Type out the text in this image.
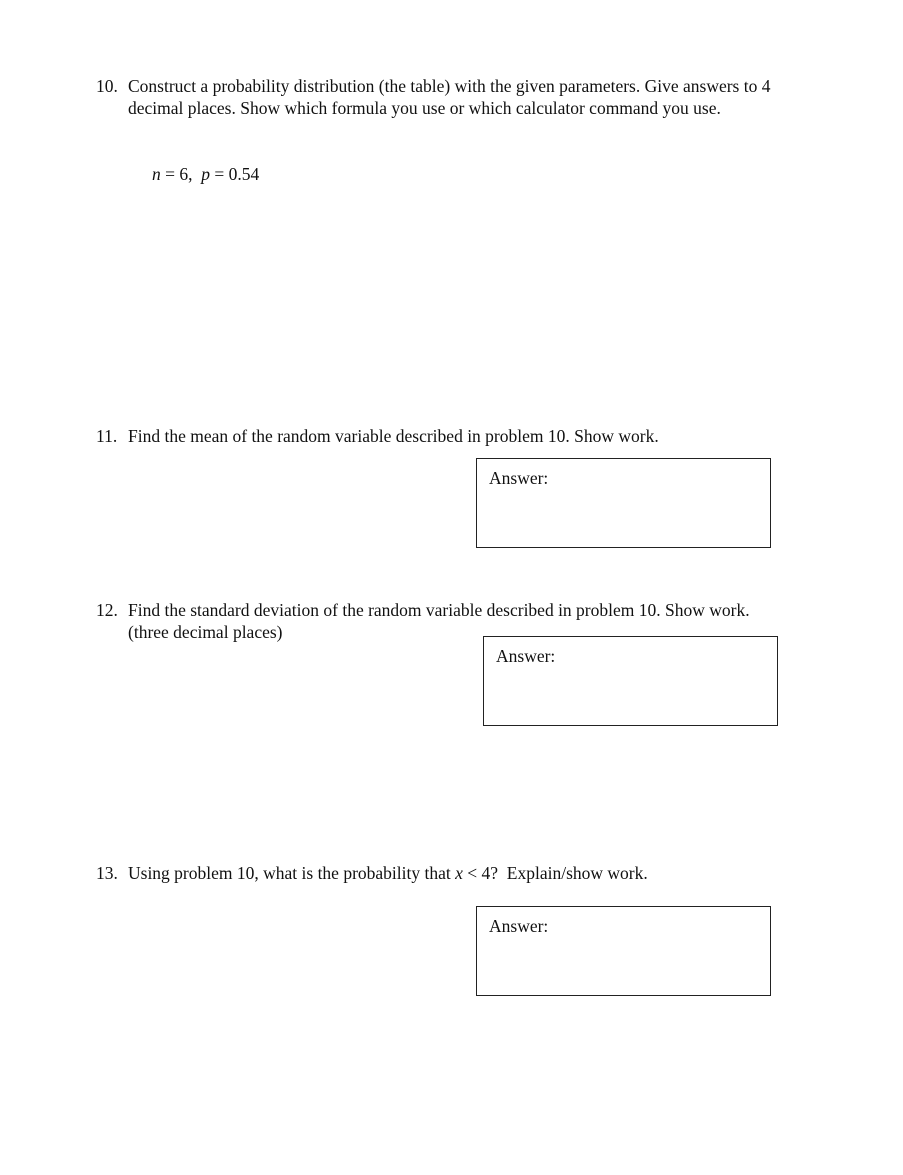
10. Construct a probability distribution (the table) with the given parameters. Give answers to 4 decimal places. Show which formula you use or which calculator command you use.
n = 6,  p = 0.54
11. Find the mean of the random variable described in problem 10. Show work.
Answer:
12. Find the standard deviation of the random variable described in problem 10. Show work. (three decimal places)
Answer:
13. Using problem 10, what is the probability that x < 4?  Explain/show work.
Answer:
